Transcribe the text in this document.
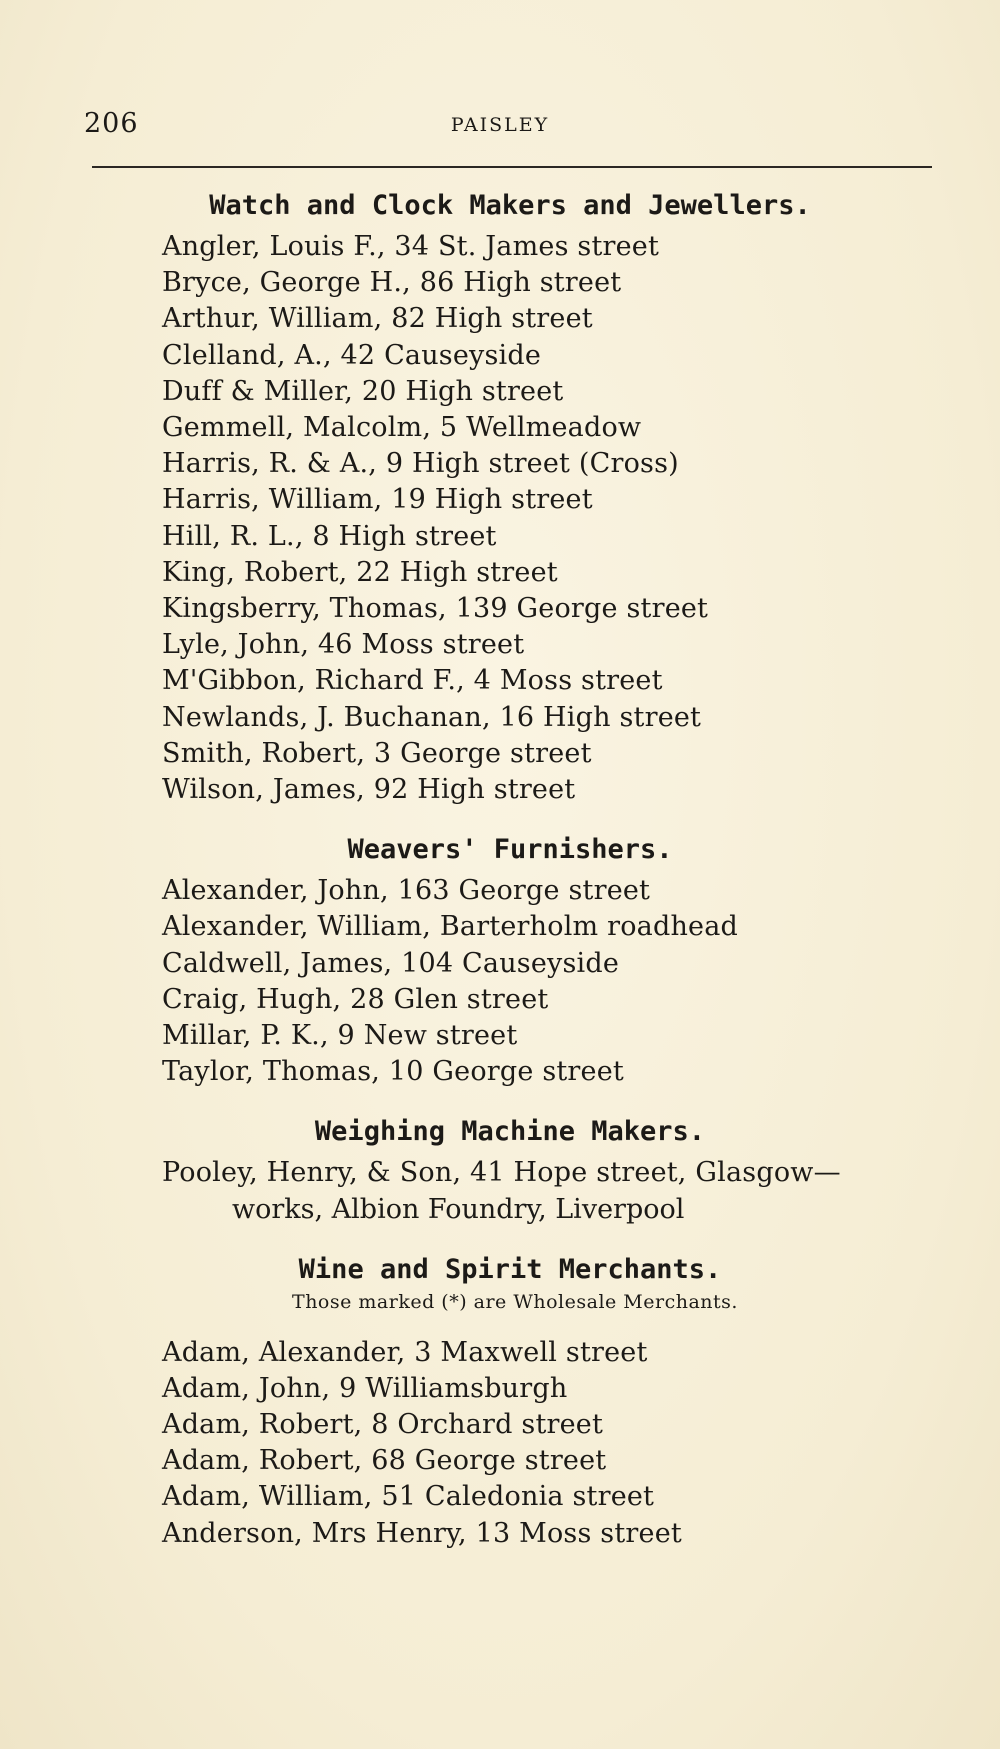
206	PAISLEY
Watch and Clock Makers and Jewellers.
Angler, Louis F., 34 St. James street
Bryce, George H., 86 High street
Arthur, William, 82 High street
Clelland, A., 42 Causeyside
Duff & Miller, 20 High street
Gemmell, Malcolm, 5 Wellmeadow
Harris, R. & A., 9 High street (Cross)
Harris, William, 19 High street
Hill, R. L., 8 High street
King, Robert, 22 High street
Kingsberry, Thomas, 139 George street
Lyle, John, 46 Moss street
M'Gibbon, Richard F., 4 Moss street
Newlands, J. Buchanan, 16 High street
Smith, Robert, 3 George street
Wilson, James, 92 High street
Weavers' Furnishers.
Alexander, John, 163 George street
Alexander, William, Barterholm roadhead
Caldwell, James, 104 Causeyside
Craig, Hugh, 28 Glen street
Millar, P. K., 9 New street
Taylor, Thomas, 10 George street
Weighing Machine Makers.
Pooley, Henry, & Son, 41 Hope street, Glasgow—
works, Albion Foundry, Liverpool
Wine and Spirit Merchants.
Those marked (*) are Wholesale Merchants.
Adam, Alexander, 3 Maxwell street
Adam, John, 9 Williamsburgh
Adam, Robert, 8 Orchard street
Adam, Robert, 68 George street
Adam, William, 51 Caledonia street
Anderson, Mrs Henry, 13 Moss street
